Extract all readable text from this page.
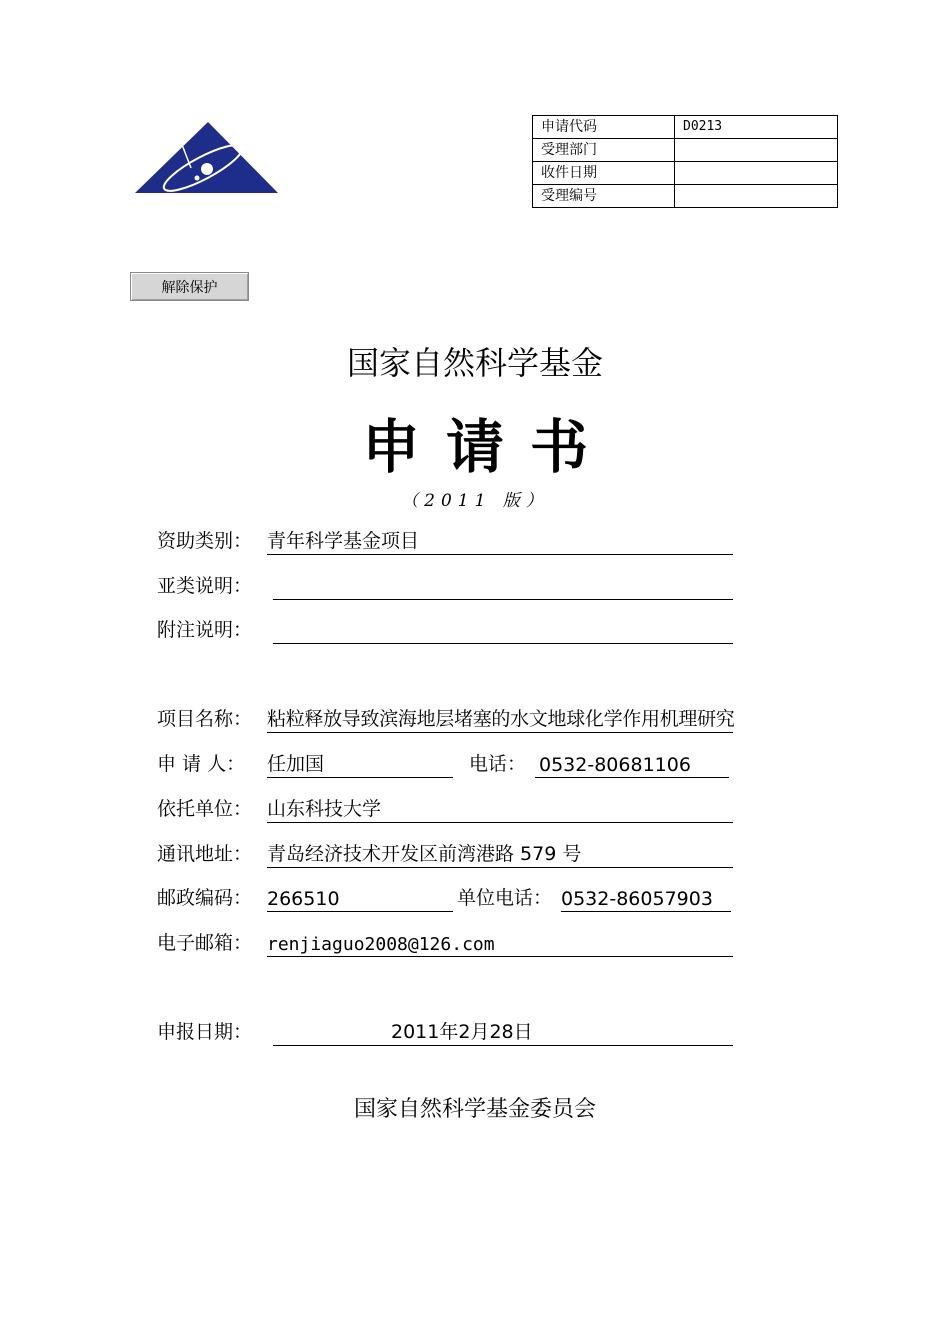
申请代码	D0213
受理部门	
收件日期	
受理编号	
解除保护
国家自然科学基金
申请书
（2011 版）
资助类别： 青年科学基金项目
亚类说明：
附注说明：
项目名称： 粘粒释放导致滨海地层堵塞的水文地球化学作用机理研究
申 请 人： 任加国	电话： 0532-80681106
依托单位： 山东科技大学
通讯地址： 青岛经济技术开发区前湾港路 579 号
邮政编码： 266510	单位电话： 0532-86057903
电子邮箱： renjiaguo2008@126.com
申报日期：	2011年2月28日
国家自然科学基金委员会
